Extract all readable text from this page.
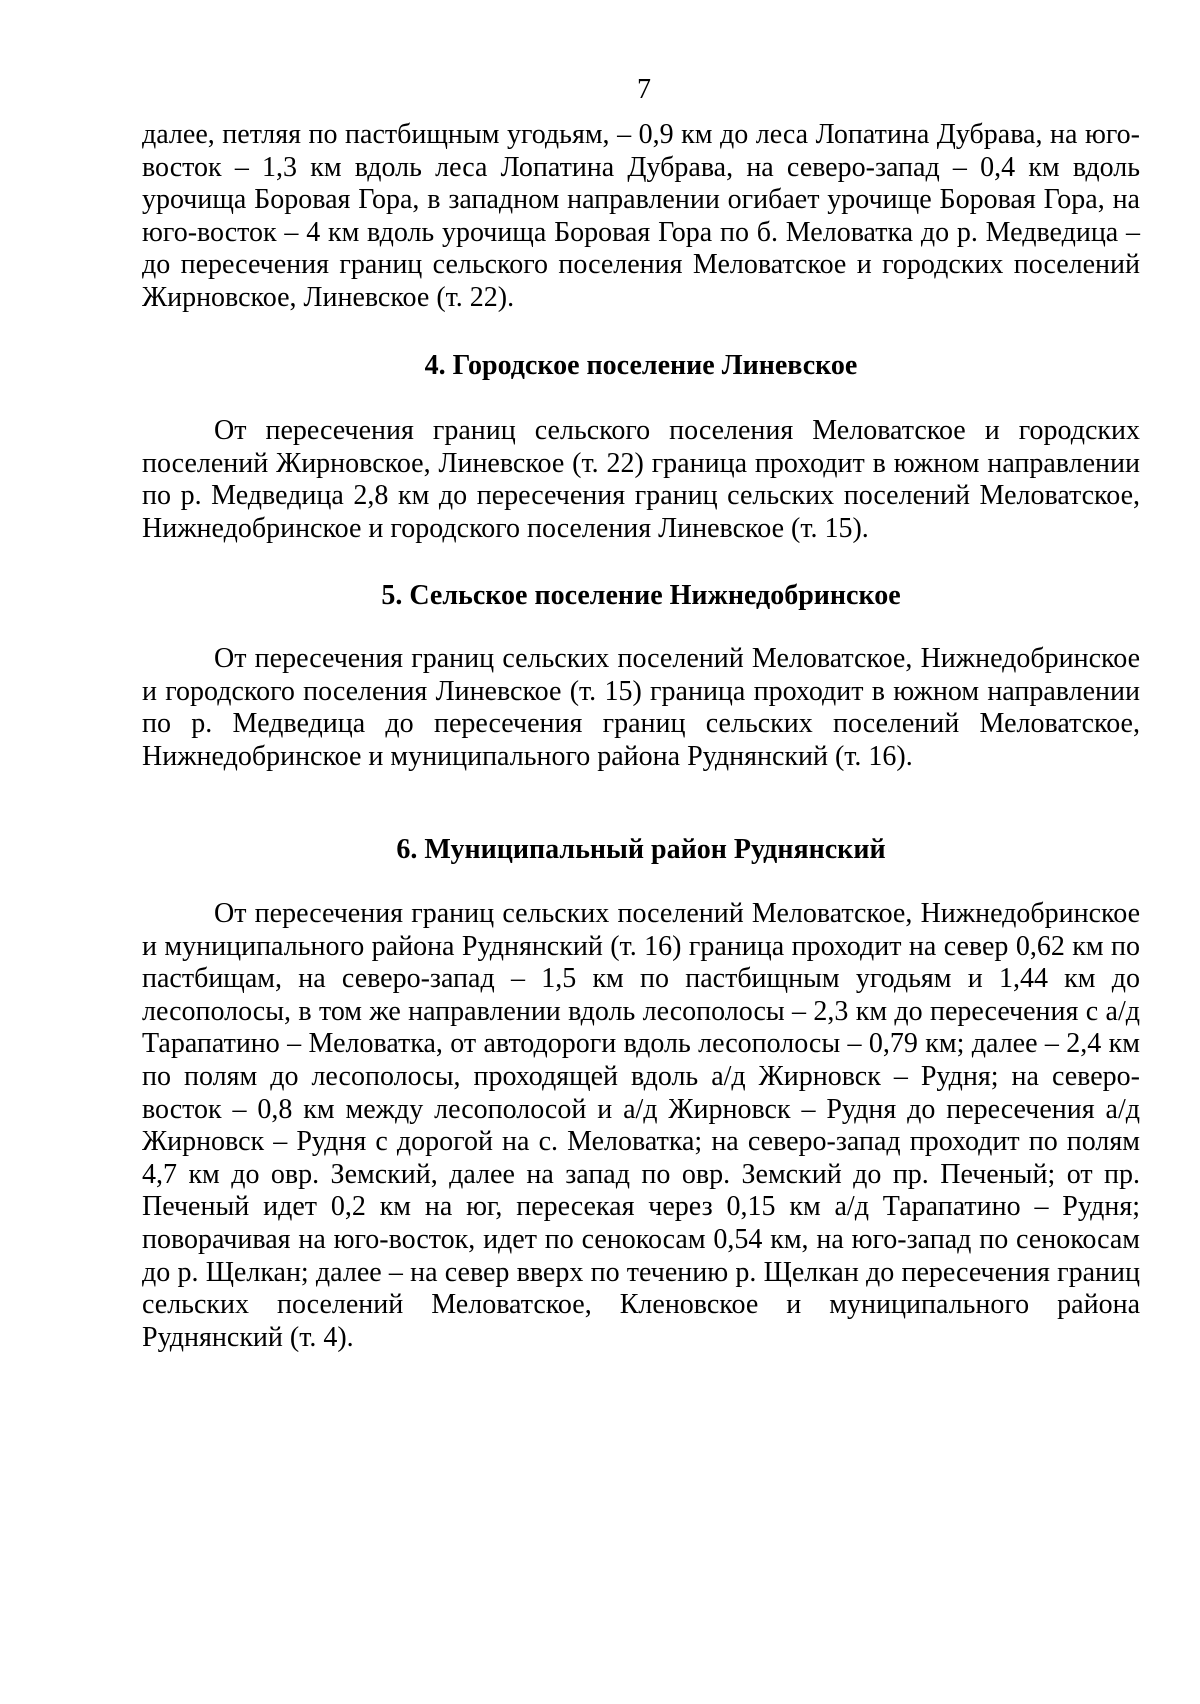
7

далее, петляя по пастбищным угодьям, – 0,9 км до леса Лопатина Дубрава, на юго-восток – 1,3 км вдоль леса Лопатина Дубрава, на северо-запад – 0,4 км вдоль урочища Боровая Гора, в западном направлении огибает урочище Боровая Гора, на юго-восток – 4 км вдоль урочища Боровая Гора по б. Меловатка до р. Медведица – до пересечения границ сельского поселения Меловатское и городских поселений Жирновское, Линевское (т. 22).

4. Городское поселение Линевское

От пересечения границ сельского поселения Меловатское и городских поселений Жирновское, Линевское (т. 22) граница проходит в южном направлении по р. Медведица 2,8 км до пересечения границ сельских поселений Меловатское, Нижнедобринское и городского поселения Линевское (т. 15).

5. Сельское поселение Нижнедобринское

От пересечения границ сельских поселений Меловатское, Нижнедобринское и городского поселения Линевское (т. 15) граница проходит в южном направлении по р. Медведица до пересечения границ сельских поселений Меловатское, Нижнедобринское и муниципального района Руднянский (т. 16).

6. Муниципальный район Руднянский

От пересечения границ сельских поселений Меловатское, Нижнедобринское и муниципального района Руднянский (т. 16) граница проходит на север 0,62 км по пастбищам, на северо-запад – 1,5 км по пастбищным угодьям и 1,44 км до лесополосы, в том же направлении вдоль лесополосы – 2,3 км до пересечения с а/д Тарапатино – Меловатка, от автодороги вдоль лесополосы – 0,79 км; далее – 2,4 км по полям до лесополосы, проходящей вдоль а/д Жирновск – Рудня; на северо-восток – 0,8 км между лесополосой и а/д Жирновск – Рудня до пересечения а/д Жирновск – Рудня с дорогой на с. Меловатка; на северо-запад проходит по полям 4,7 км до овр. Земский, далее на запад по овр. Земский до пр. Печеный; от пр. Печеный идет 0,2 км на юг, пересекая через 0,15 км а/д Тарапатино – Рудня; поворачивая на юго-восток, идет по сенокосам 0,54 км, на юго-запад по сенокосам до р. Щелкан; далее – на север вверх по течению р. Щелкан до пересечения границ сельских поселений Меловатское, Кленовское и муниципального района Руднянский (т. 4).
